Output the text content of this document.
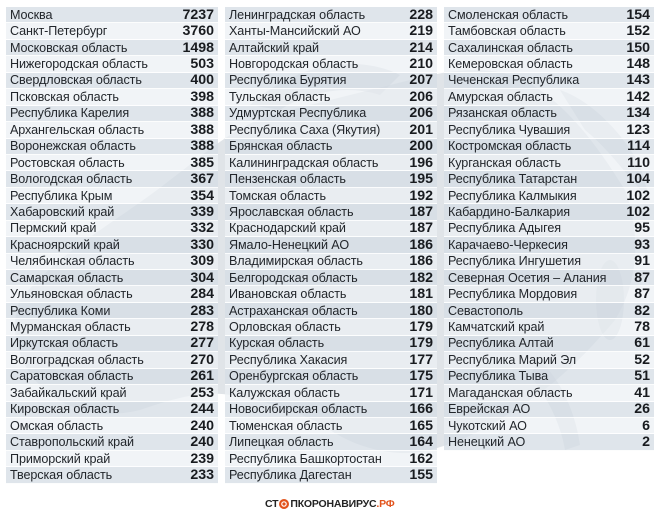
Москва	7237
Санкт-Петербург	3760
Московская область	1498
Нижегородская область	503
Свердловская область	400
Псковская область	398
Республика Карелия	388
Архангельская область	388
Воронежская область	388
Ростовская область	385
Вологодская область	367
Республика Крым	354
Хабаровский край	339
Пермский край	332
Красноярский край	330
Челябинская область	309
Самарская область	304
Ульяновская область	284
Республика Коми	283
Мурманская область	278
Иркутская область	277
Волгоградская область	270
Саратовская область	261
Забайкальский край	253
Кировская область	244
Омская область	240
Ставропольский край	240
Приморский край	239
Тверская область	233
Ленинградская область	228
Ханты-Мансийский АО	219
Алтайский край	214
Новгородская область	210
Республика Бурятия	207
Тульская область	206
Удмуртская Республика	206
Республика Саха (Якутия) 201
Брянская область	200
Калининградская область 196
Пензенская область	195
Томская область	192
Ярославская область	187
Краснодарский край	187
Ямало-Ненецкий АО	186
Владимирская область	186
Белгородская область	182
Ивановская область	181
Астраханская область	180
Орловская область	179
Курская область	179
Республика Хакасия	177
Оренбургская область	175
Калужская область	171
Новосибирская область	166
Тюменская область	165
Липецкая область	164
Республика Башкортостан 162
Республика Дагестан	155
Смоленская область	154
Тамбовская область	152
Сахалинская область	150
Кемеровская область	148
Чеченская Республика	143
Амурская область	142
Рязанская область	134
Республика Чувашия	123
Костромская область	114
Курганская область	110
Республика Татарстан	104
Республика Калмыкия	102
Кабардино-Балкария	102
Республика Адыгея	95
Карачаево-Черкесия	93
Республика Ингушетия	91
Северная Осетия – Алания 87
Республика Мордовия	87
Севастополь	82
Камчатский край	78
Республика Алтай	61
Республика Марий Эл	52
Республика Тыва	51
Магаданская область	41
Еврейская АО	26
Чукотский АО	6
Ненецкий АО	2
СТ ПКОРОНАВИРУС .РФ
